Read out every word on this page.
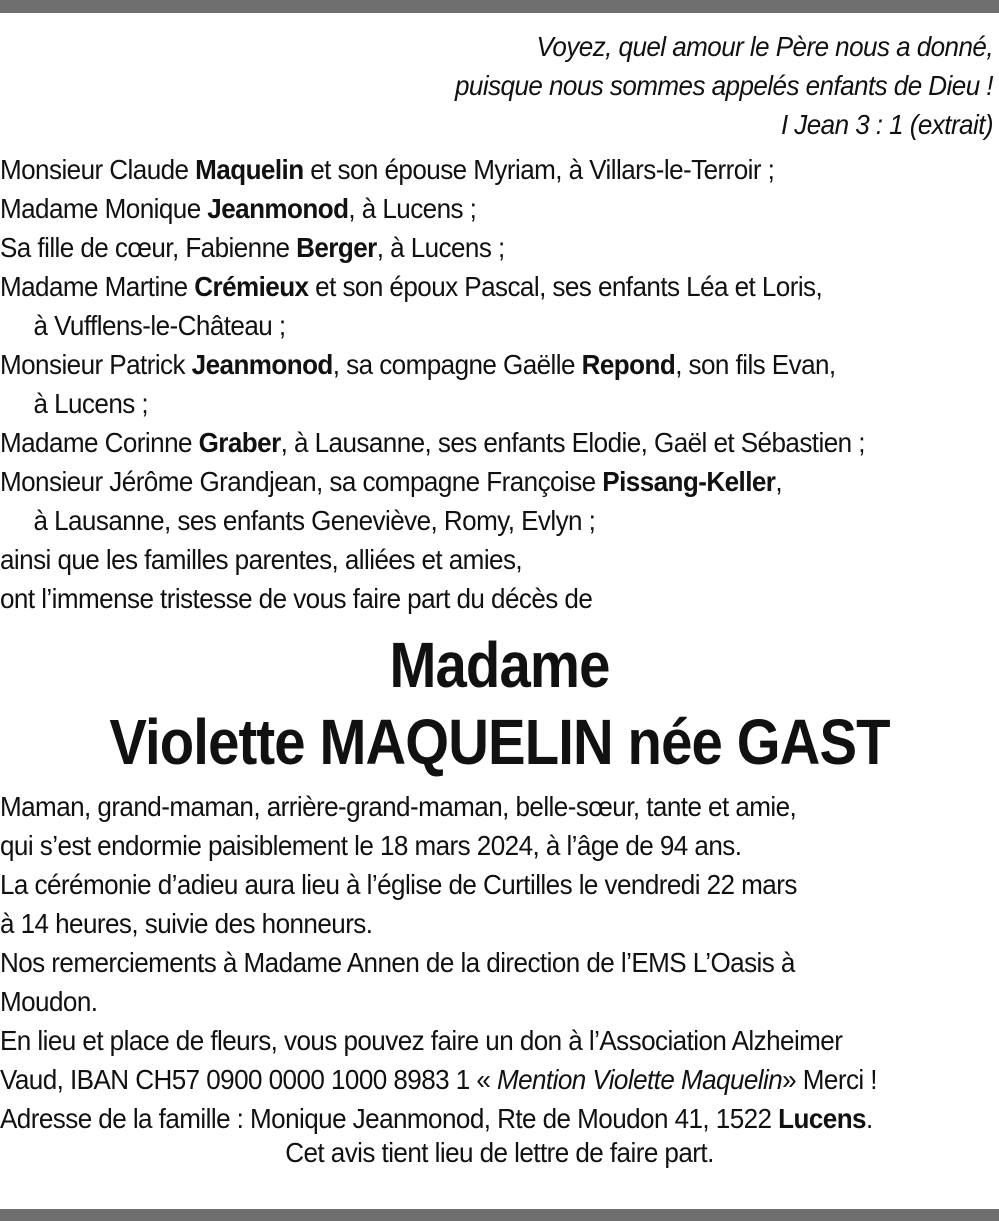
Voyez, quel amour le Père nous a donné,
puisque nous sommes appelés enfants de Dieu !
I Jean 3 : 1 (extrait)
Monsieur Claude Maquelin et son épouse Myriam, à Villars-le-Terroir ;
Madame Monique Jeanmonod, à Lucens ;
Sa fille de cœur, Fabienne Berger, à Lucens ;
Madame Martine Crémieux et son époux Pascal, ses enfants Léa et Loris,
à Vufflens-le-Château ;
Monsieur Patrick Jeanmonod, sa compagne Gaëlle Repond, son fils Evan,
à Lucens ;
Madame Corinne Graber, à Lausanne, ses enfants Elodie, Gaël et Sébastien ;
Monsieur Jérôme Grandjean, sa compagne Françoise Pissang-Keller,
à Lausanne, ses enfants Geneviève, Romy, Evlyn ;
ainsi que les familles parentes, alliées et amies,
ont l’immense tristesse de vous faire part du décès de
Madame
Violette MAQUELIN née GAST
Maman, grand-maman, arrière-grand-maman, belle-sœur, tante et amie,
qui s’est endormie paisiblement le 18 mars 2024, à l’âge de 94 ans.
La cérémonie d’adieu aura lieu à l’église de Curtilles le vendredi 22 mars
à 14 heures, suivie des honneurs.
Nos remerciements à Madame Annen de la direction de l’EMS L’Oasis à
Moudon.
En lieu et place de fleurs, vous pouvez faire un don à l’Association Alzheimer
Vaud, IBAN CH57 0900 0000 1000 8983 1 « Mention Violette Maquelin» Merci !
Adresse de la famille : Monique Jeanmonod, Rte de Moudon 41, 1522 Lucens.
Cet avis tient lieu de lettre de faire part.
